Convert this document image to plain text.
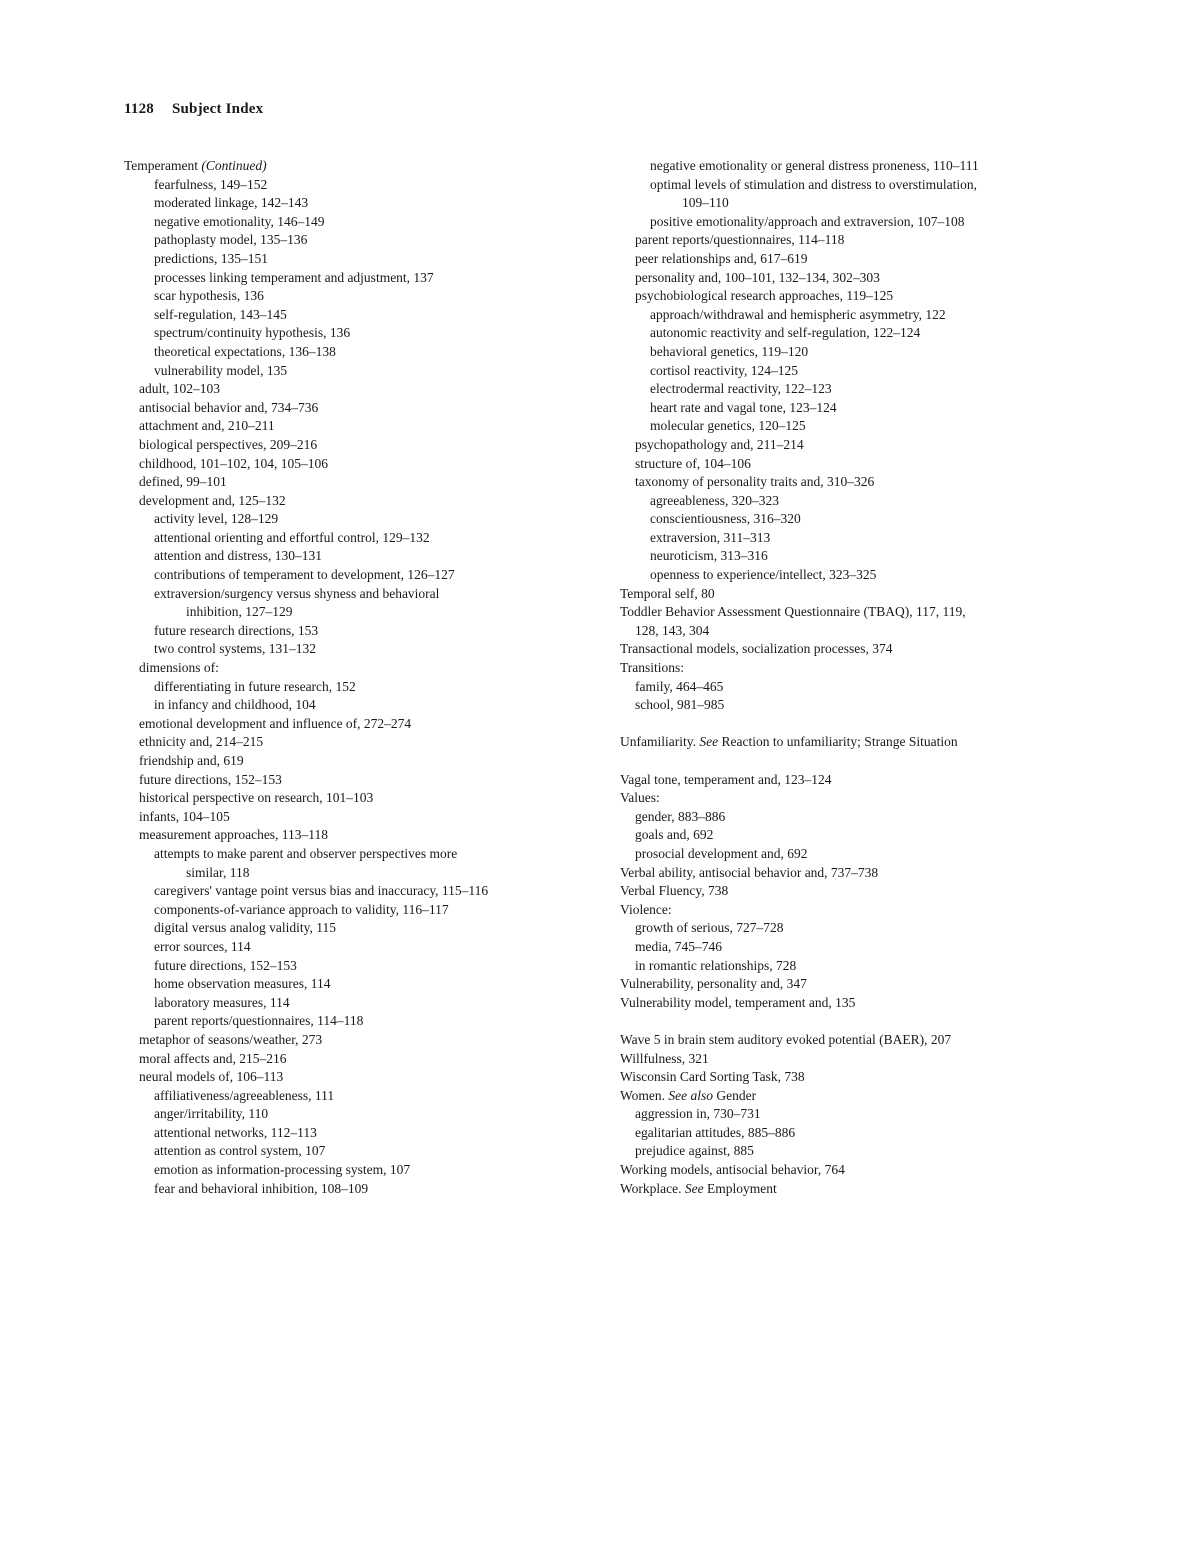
1128 Subject Index
Temperament (Continued)
fearfulness, 149–152
moderated linkage, 142–143
negative emotionality, 146–149
pathoplasty model, 135–136
predictions, 135–151
processes linking temperament and adjustment, 137
scar hypothesis, 136
self-regulation, 143–145
spectrum/continuity hypothesis, 136
theoretical expectations, 136–138
vulnerability model, 135
adult, 102–103
antisocial behavior and, 734–736
attachment and, 210–211
biological perspectives, 209–216
childhood, 101–102, 104, 105–106
defined, 99–101
development and, 125–132
activity level, 128–129
attentional orienting and effortful control, 129–132
attention and distress, 130–131
contributions of temperament to development, 126–127
extraversion/surgency versus shyness and behavioral
inhibition, 127–129
future research directions, 153
two control systems, 131–132
dimensions of:
differentiating in future research, 152
in infancy and childhood, 104
emotional development and influence of, 272–274
ethnicity and, 214–215
friendship and, 619
future directions, 152–153
historical perspective on research, 101–103
infants, 104–105
measurement approaches, 113–118
attempts to make parent and observer perspectives more
similar, 118
caregivers' vantage point versus bias and inaccuracy, 115–116
components-of-variance approach to validity, 116–117
digital versus analog validity, 115
error sources, 114
future directions, 152–153
home observation measures, 114
laboratory measures, 114
parent reports/questionnaires, 114–118
metaphor of seasons/weather, 273
moral affects and, 215–216
neural models of, 106–113
affiliativeness/agreeableness, 111
anger/irritability, 110
attentional networks, 112–113
attention as control system, 107
emotion as information-processing system, 107
fear and behavioral inhibition, 108–109
negative emotionality or general distress proneness, 110–111
optimal levels of stimulation and distress to overstimulation,
109–110
positive emotionality/approach and extraversion, 107–108
parent reports/questionnaires, 114–118
peer relationships and, 617–619
personality and, 100–101, 132–134, 302–303
psychobiological research approaches, 119–125
approach/withdrawal and hemispheric asymmetry, 122
autonomic reactivity and self-regulation, 122–124
behavioral genetics, 119–120
cortisol reactivity, 124–125
electrodermal reactivity, 122–123
heart rate and vagal tone, 123–124
molecular genetics, 120–125
psychopathology and, 211–214
structure of, 104–106
taxonomy of personality traits and, 310–326
agreeableness, 320–323
conscientiousness, 316–320
extraversion, 311–313
neuroticism, 313–316
openness to experience/intellect, 323–325
Temporal self, 80
Toddler Behavior Assessment Questionnaire (TBAQ), 117, 119,
128, 143, 304
Transactional models, socialization processes, 374
Transitions:
family, 464–465
school, 981–985
Unfamiliarity. See Reaction to unfamiliarity; Strange Situation
Vagal tone, temperament and, 123–124
Values:
gender, 883–886
goals and, 692
prosocial development and, 692
Verbal ability, antisocial behavior and, 737–738
Verbal Fluency, 738
Violence:
growth of serious, 727–728
media, 745–746
in romantic relationships, 728
Vulnerability, personality and, 347
Vulnerability model, temperament and, 135
Wave 5 in brain stem auditory evoked potential (BAER), 207
Willfulness, 321
Wisconsin Card Sorting Task, 738
Women. See also Gender
aggression in, 730–731
egalitarian attitudes, 885–886
prejudice against, 885
Working models, antisocial behavior, 764
Workplace. See Employment
